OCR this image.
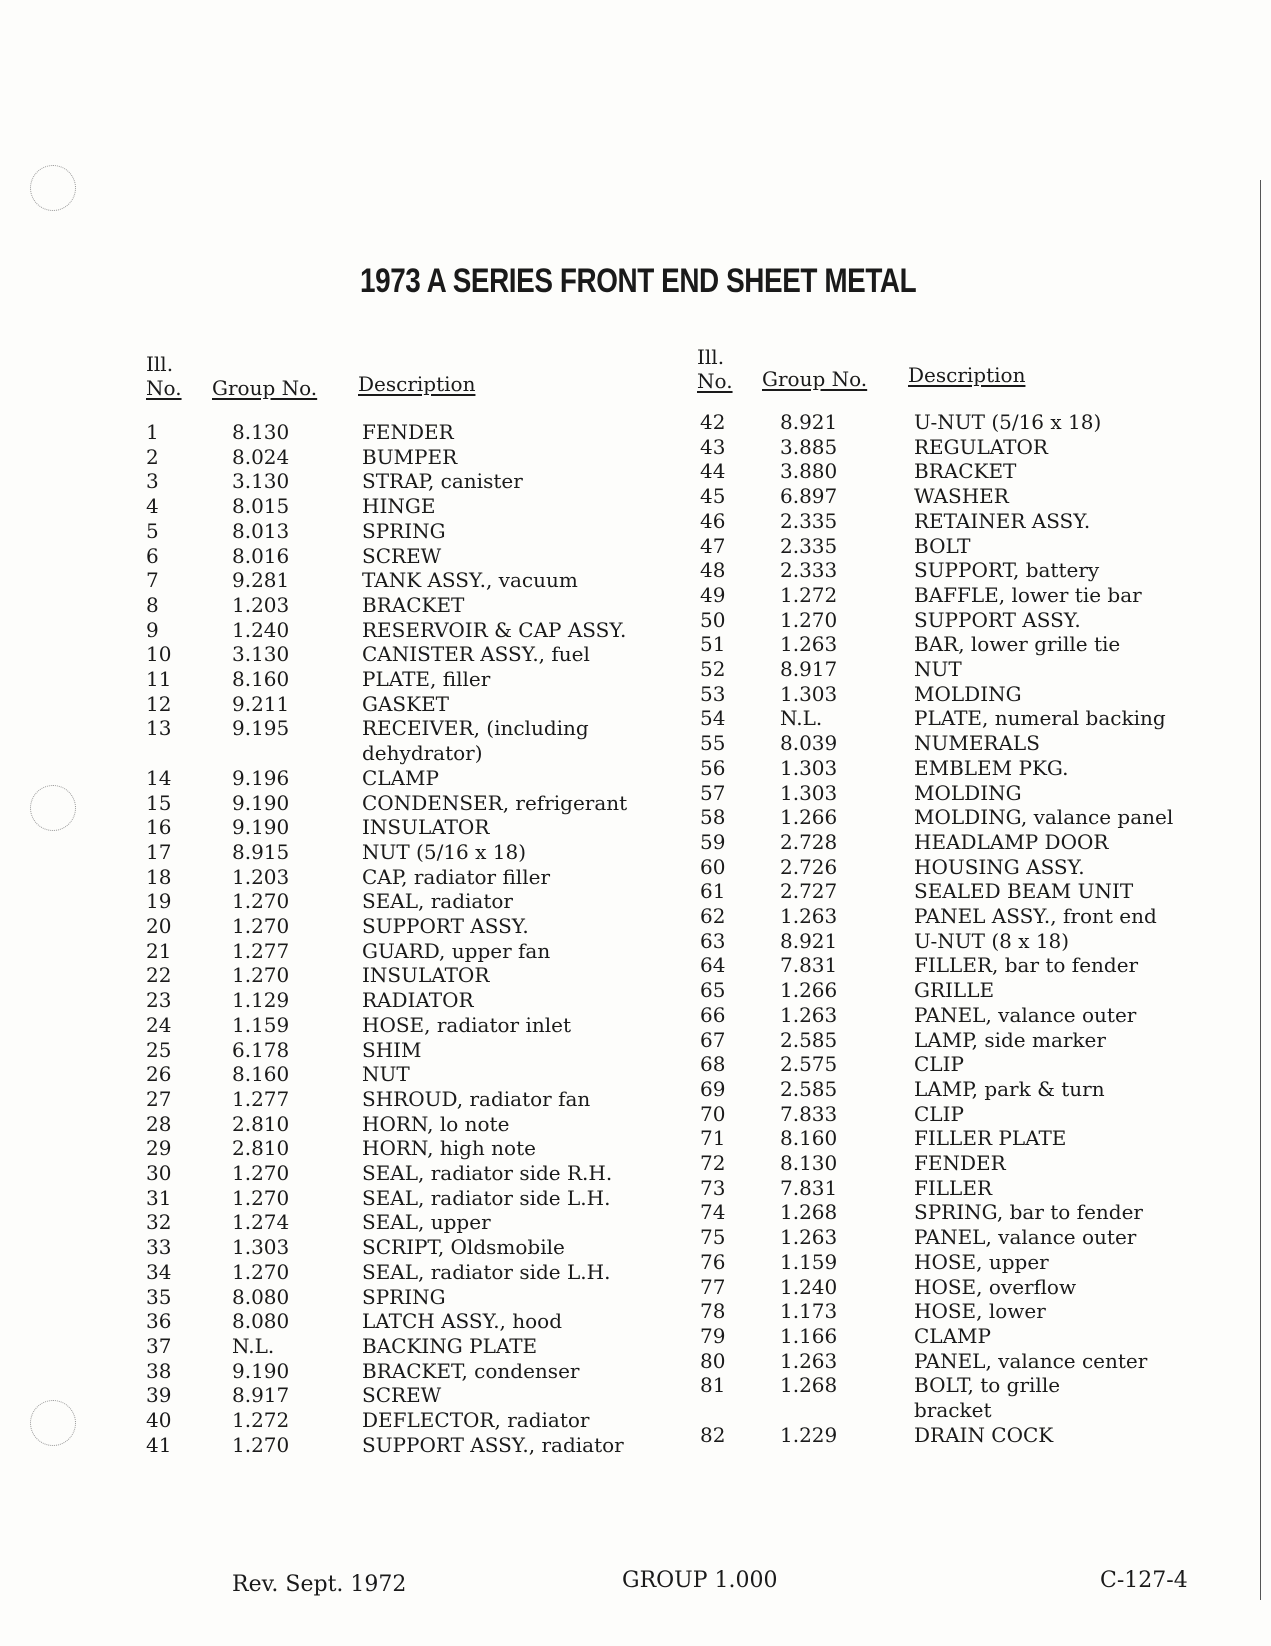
1973 A SERIES FRONT END SHEET METAL
Ill.
No. Group No. Description
Ill.
No. Group No. Description
1	8.130	FENDER
2	8.024	BUMPER
3	3.130	STRAP, canister
4	8.015	HINGE
5	8.013	SPRING
6	8.016	SCREW
7	9.281	TANK ASSY., vacuum
8	1.203	BRACKET
9	1.240	RESERVOIR & CAP ASSY.
10	3.130	CANISTER ASSY., fuel
11	8.160	PLATE, filler
12	9.211	GASKET
13	9.195	RECEIVER, (including
dehydrator)
14	9.196	CLAMP
15	9.190	CONDENSER, refrigerant
16	9.190	INSULATOR
17	8.915	NUT (5/16 x 18)
18	1.203	CAP, radiator filler
19	1.270	SEAL, radiator
20	1.270	SUPPORT ASSY.
21	1.277	GUARD, upper fan
22	1.270	INSULATOR
23	1.129	RADIATOR
24	1.159	HOSE, radiator inlet
25	6.178	SHIM
26	8.160	NUT
27	1.277	SHROUD, radiator fan
28	2.810	HORN, lo note
29	2.810	HORN, high note
30	1.270	SEAL, radiator side R.H.
31	1.270	SEAL, radiator side L.H.
32	1.274	SEAL, upper
33	1.303	SCRIPT, Oldsmobile
34	1.270	SEAL, radiator side L.H.
35	8.080	SPRING
36	8.080	LATCH ASSY., hood
37	N.L.	BACKING PLATE
38	9.190	BRACKET, condenser
39	8.917	SCREW
40	1.272	DEFLECTOR, radiator
41	1.270	SUPPORT ASSY., radiator
42	8.921	U-NUT (5/16 x 18)
43	3.885	REGULATOR
44	3.880	BRACKET
45	6.897	WASHER
46	2.335	RETAINER ASSY.
47	2.335	BOLT
48	2.333	SUPPORT, battery
49	1.272	BAFFLE, lower tie bar
50	1.270	SUPPORT ASSY.
51	1.263	BAR, lower grille tie
52	8.917	NUT
53	1.303	MOLDING
54	N.L.	PLATE, numeral backing
55	8.039	NUMERALS
56	1.303	EMBLEM PKG.
57	1.303	MOLDING
58	1.266	MOLDING, valance panel
59	2.728	HEADLAMP DOOR
60	2.726	HOUSING ASSY.
61	2.727	SEALED BEAM UNIT
62	1.263	PANEL ASSY., front end
63	8.921	U-NUT (8 x 18)
64	7.831	FILLER, bar to fender
65	1.266	GRILLE
66	1.263	PANEL, valance outer
67	2.585	LAMP, side marker
68	2.575	CLIP
69	2.585	LAMP, park & turn
70	7.833	CLIP
71	8.160	FILLER PLATE
72	8.130	FENDER
73	7.831	FILLER
74	1.268	SPRING, bar to fender
75	1.263	PANEL, valance outer
76	1.159	HOSE, upper
77	1.240	HOSE, overflow
78	1.173	HOSE, lower
79	1.166	CLAMP
80	1.263	PANEL, valance center
81	1.268	BOLT, to grille
bracket
82	1.229	DRAIN COCK
Rev. Sept. 1972	GROUP 1.000	C-127-4
